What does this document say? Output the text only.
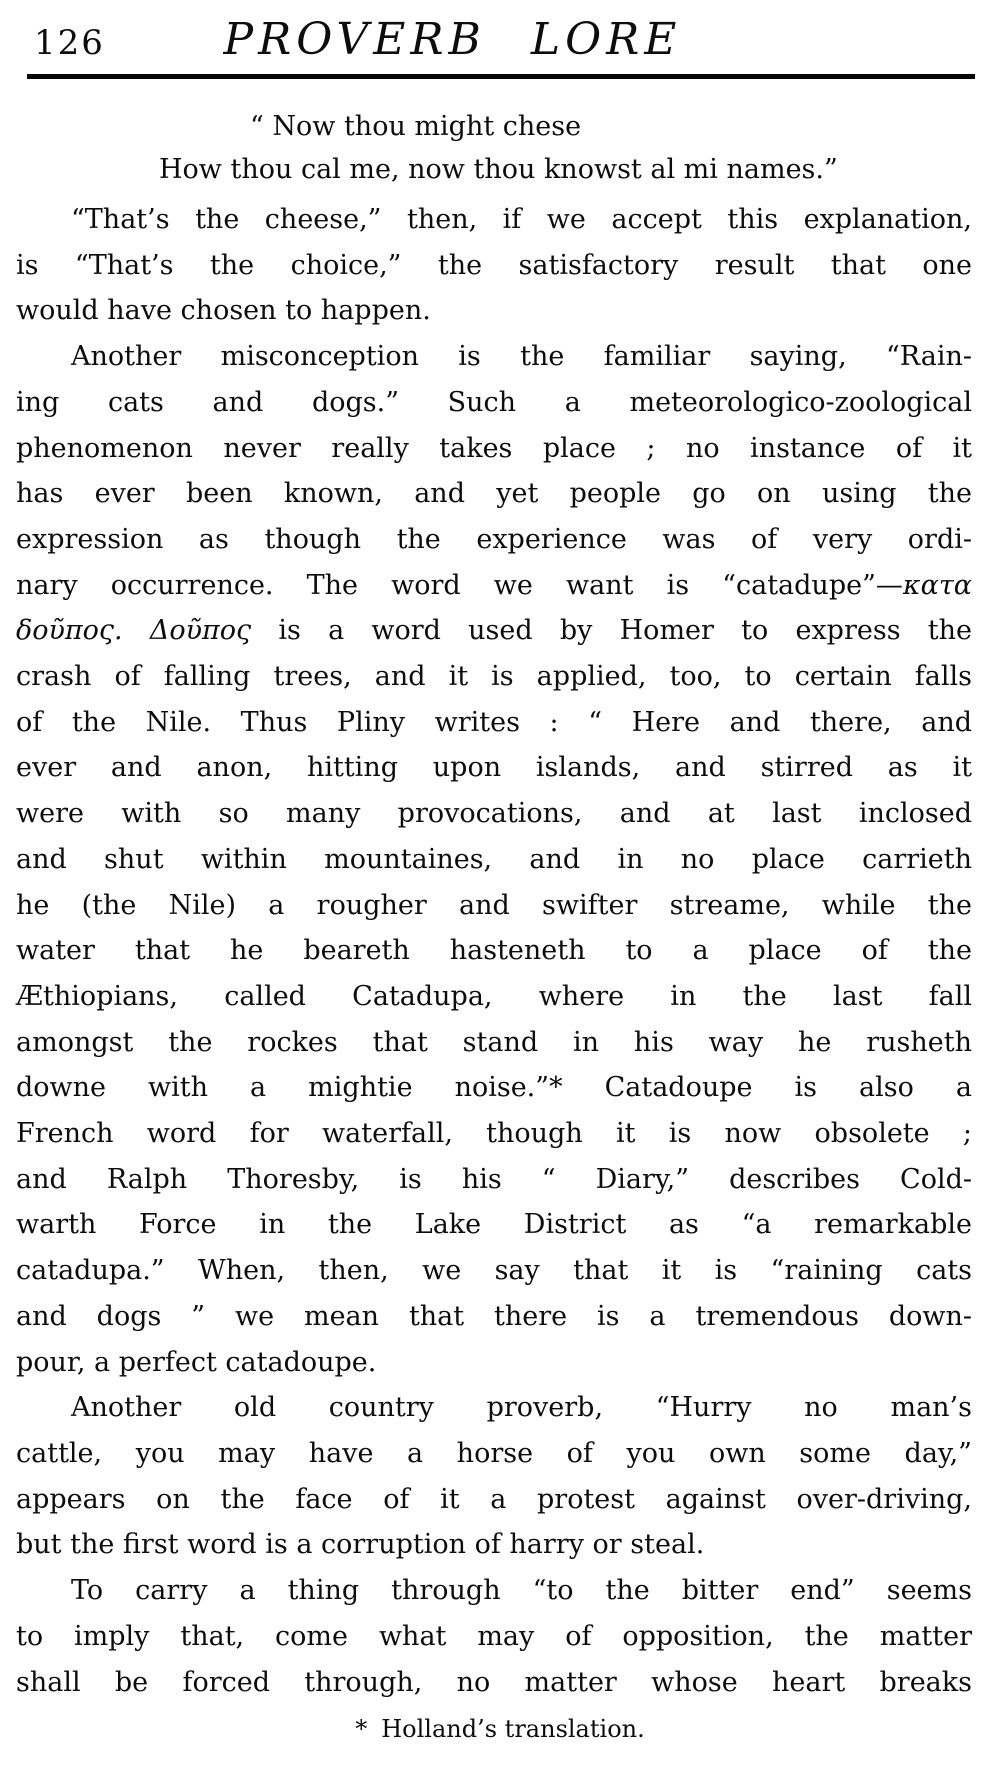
126	PROVERB LORE
“ Now thou might chese
How thou cal me, now thou knowst al mi names.”
“That’s the cheese,” then, if we accept this explanation,
is “That’s the choice,” the satisfactory result that one
would have chosen to happen.
Another misconception is the familiar saying, “Rain-
ing cats and dogs.” Such a meteorologico-zoological
phenomenon never really takes place ; no instance of it
has ever been known, and yet people go on using the
expression as though the experience was of very ordi-
nary occurrence. The word we want is “catadupe”—κατα
δοῦπος. Δοῦπος is a word used by Homer to express the
crash of falling trees, and it is applied, too, to certain falls
of the Nile. Thus Pliny writes : “ Here and there, and
ever and anon, hitting upon islands, and stirred as it
were with so many provocations, and at last inclosed
and shut within mountaines, and in no place carrieth
he (the Nile) a rougher and swifter streame, while the
water that he beareth hasteneth to a place of the
Æthiopians, called Catadupa, where in the last fall
amongst the rockes that stand in his way he rusheth
downe with a mightie noise.”* Catadoupe is also a
French word for waterfall, though it is now obsolete ;
and Ralph Thoresby, is his “ Diary,” describes Cold-
warth Force in the Lake District as “a remarkable
catadupa.” When, then, we say that it is “raining cats
and dogs ” we mean that there is a tremendous down-
pour, a perfect catadoupe.
Another old country proverb, “Hurry no man’s
cattle, you may have a horse of you own some day,”
appears on the face of it a protest against over-driving,
but the first word is a corruption of harry or steal.
To carry a thing through “to the bitter end” seems
to imply that, come what may of opposition, the matter
shall be forced through, no matter whose heart breaks
* Holland’s translation.
